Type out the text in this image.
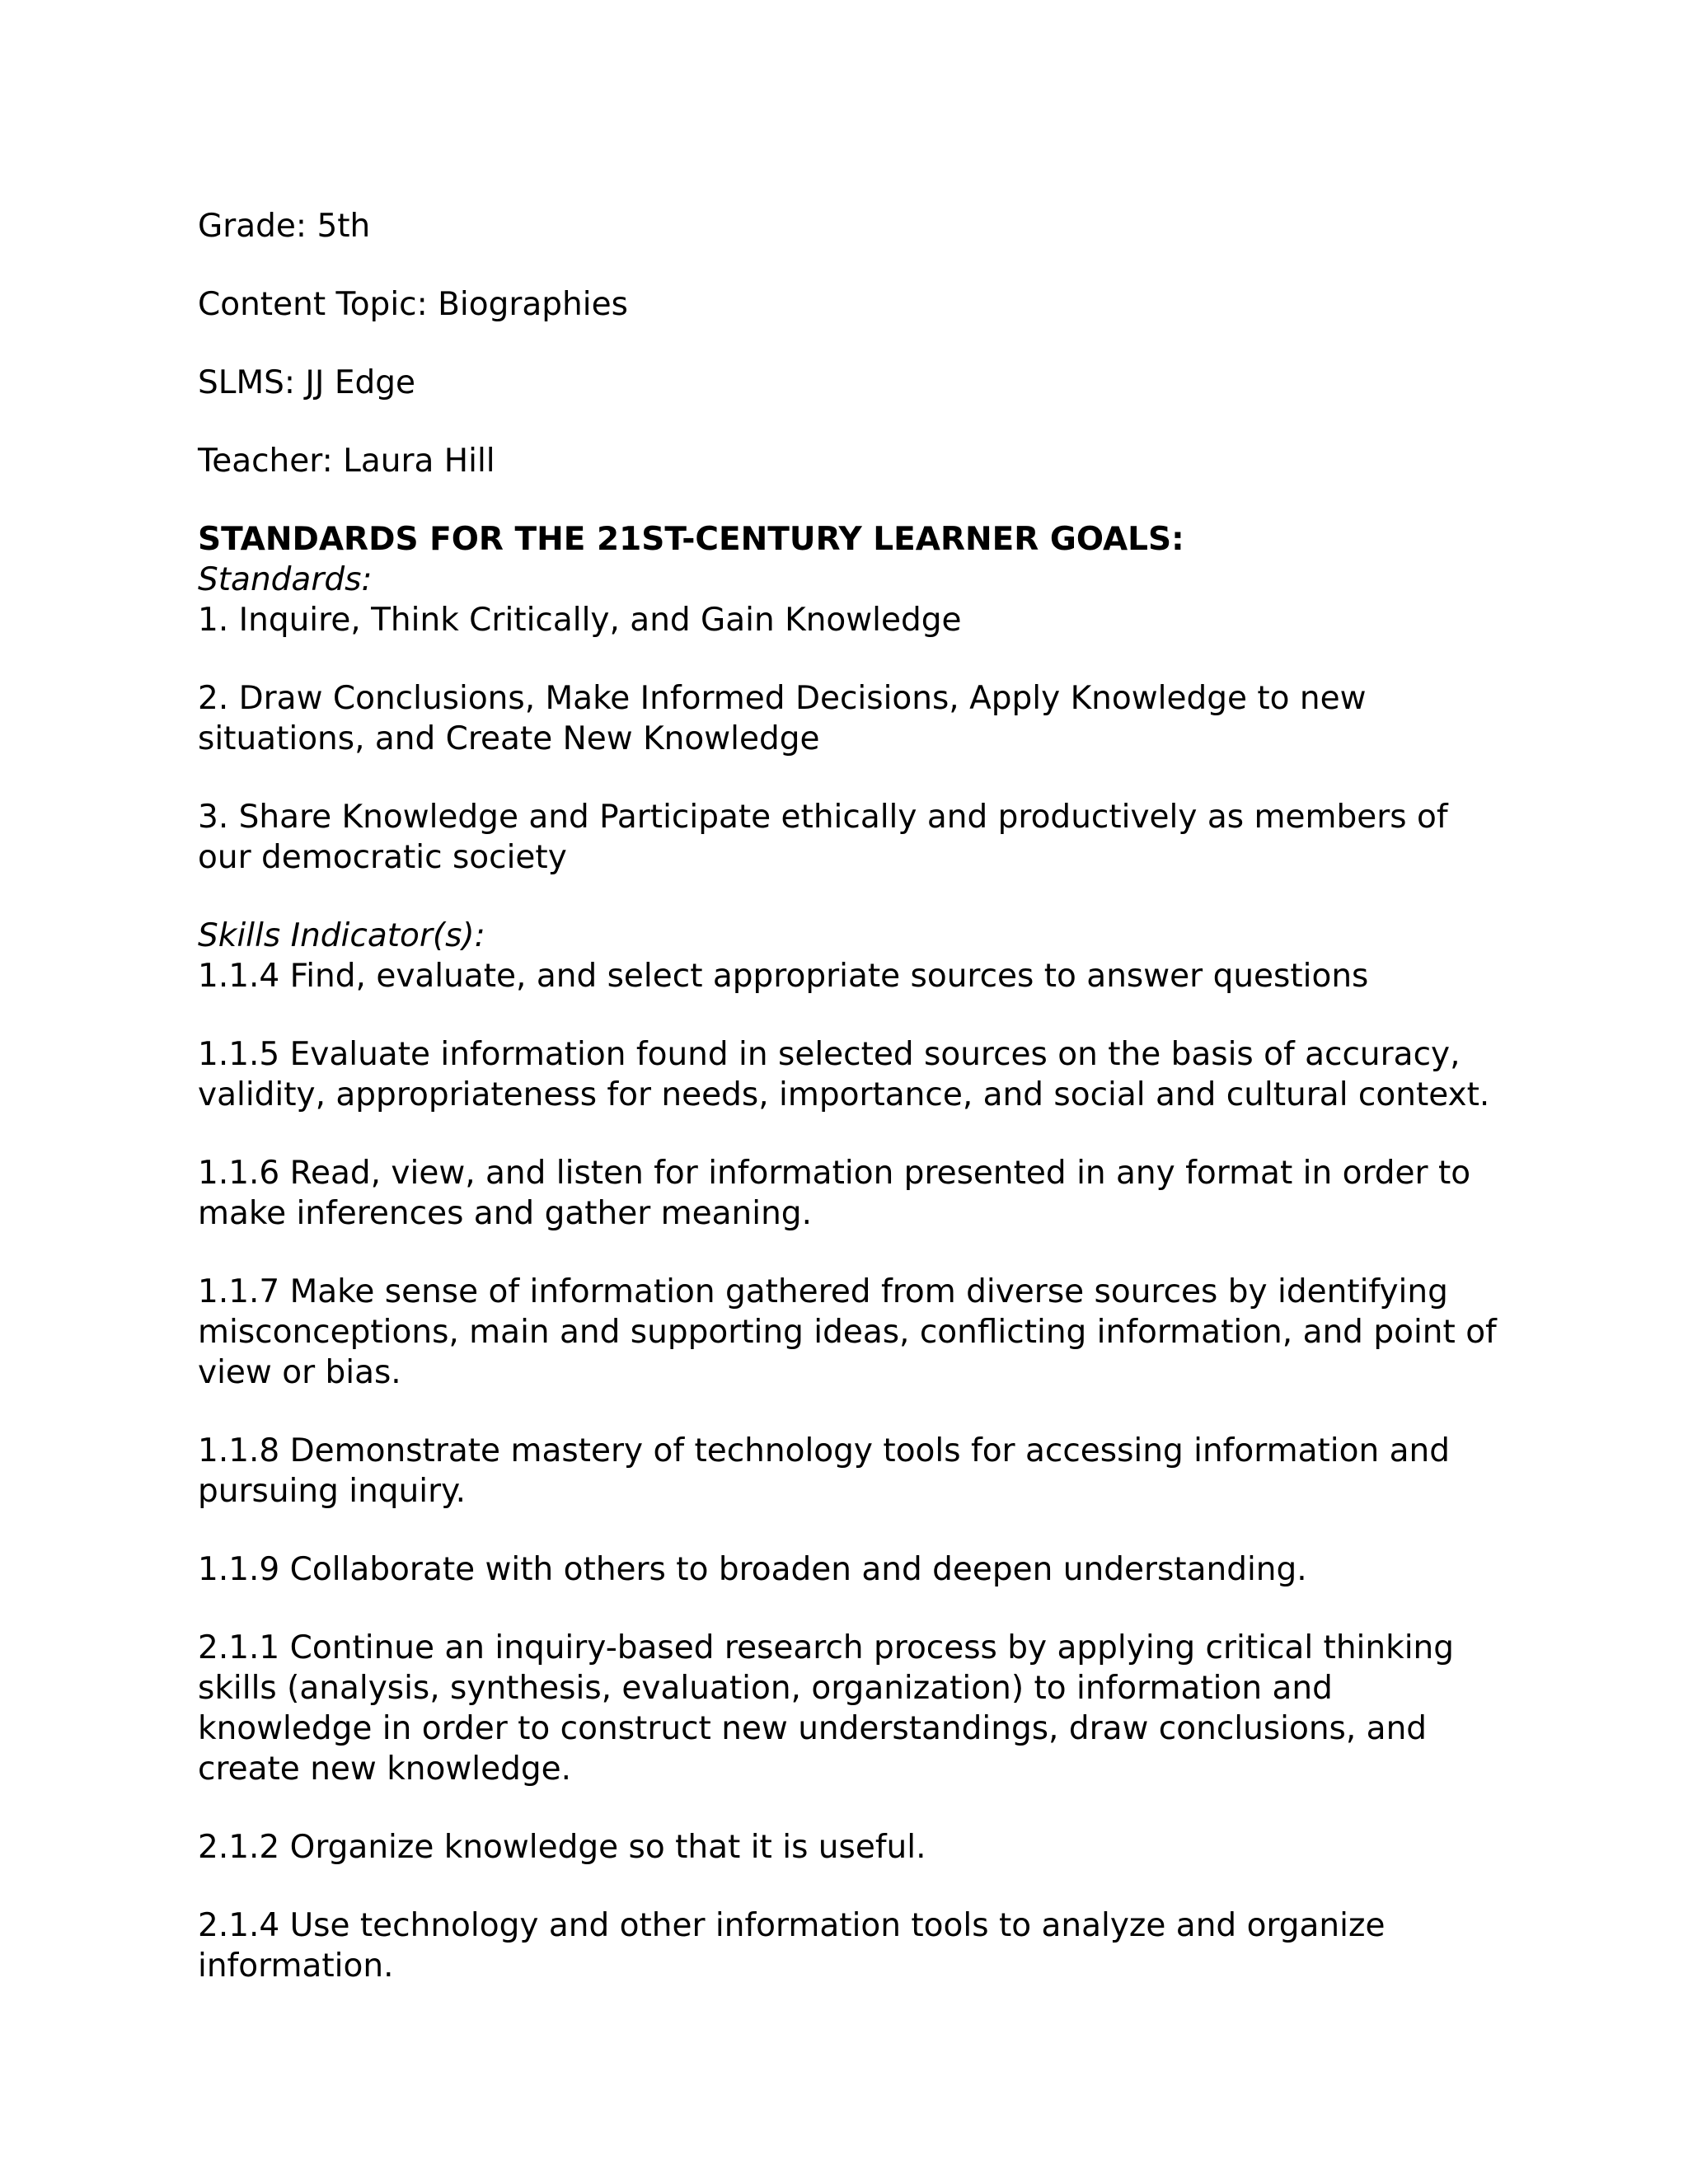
Grade: 5th

Content Topic: Biographies

SLMS: JJ Edge

Teacher: Laura Hill

STANDARDS FOR THE 21ST-CENTURY LEARNER GOALS:

Standards:

1. Inquire, Think Critically, and Gain Knowledge

2. Draw Conclusions, Make Informed Decisions, Apply Knowledge to new situations, and Create New Knowledge

3. Share Knowledge and Participate ethically and productively as members of our democratic society

Skills Indicator(s):

1.1.4 Find, evaluate, and select appropriate sources to answer questions

1.1.5 Evaluate information found in selected sources on the basis of accuracy, validity, appropriateness for needs, importance, and social and cultural context.

1.1.6 Read, view, and listen for information presented in any format in order to make inferences and gather meaning.

1.1.7 Make sense of information gathered from diverse sources by identifying misconceptions, main and supporting ideas, conflicting information, and point of view or bias.

1.1.8 Demonstrate mastery of technology tools for accessing information and pursuing inquiry.

1.1.9 Collaborate with others to broaden and deepen understanding.

2.1.1 Continue an inquiry-based research process by applying critical thinking skills (analysis, synthesis, evaluation, organization) to information and knowledge in order to construct new understandings, draw conclusions, and create new knowledge.

2.1.2 Organize knowledge so that it is useful.

2.1.4 Use technology and other information tools to analyze and organize information.
